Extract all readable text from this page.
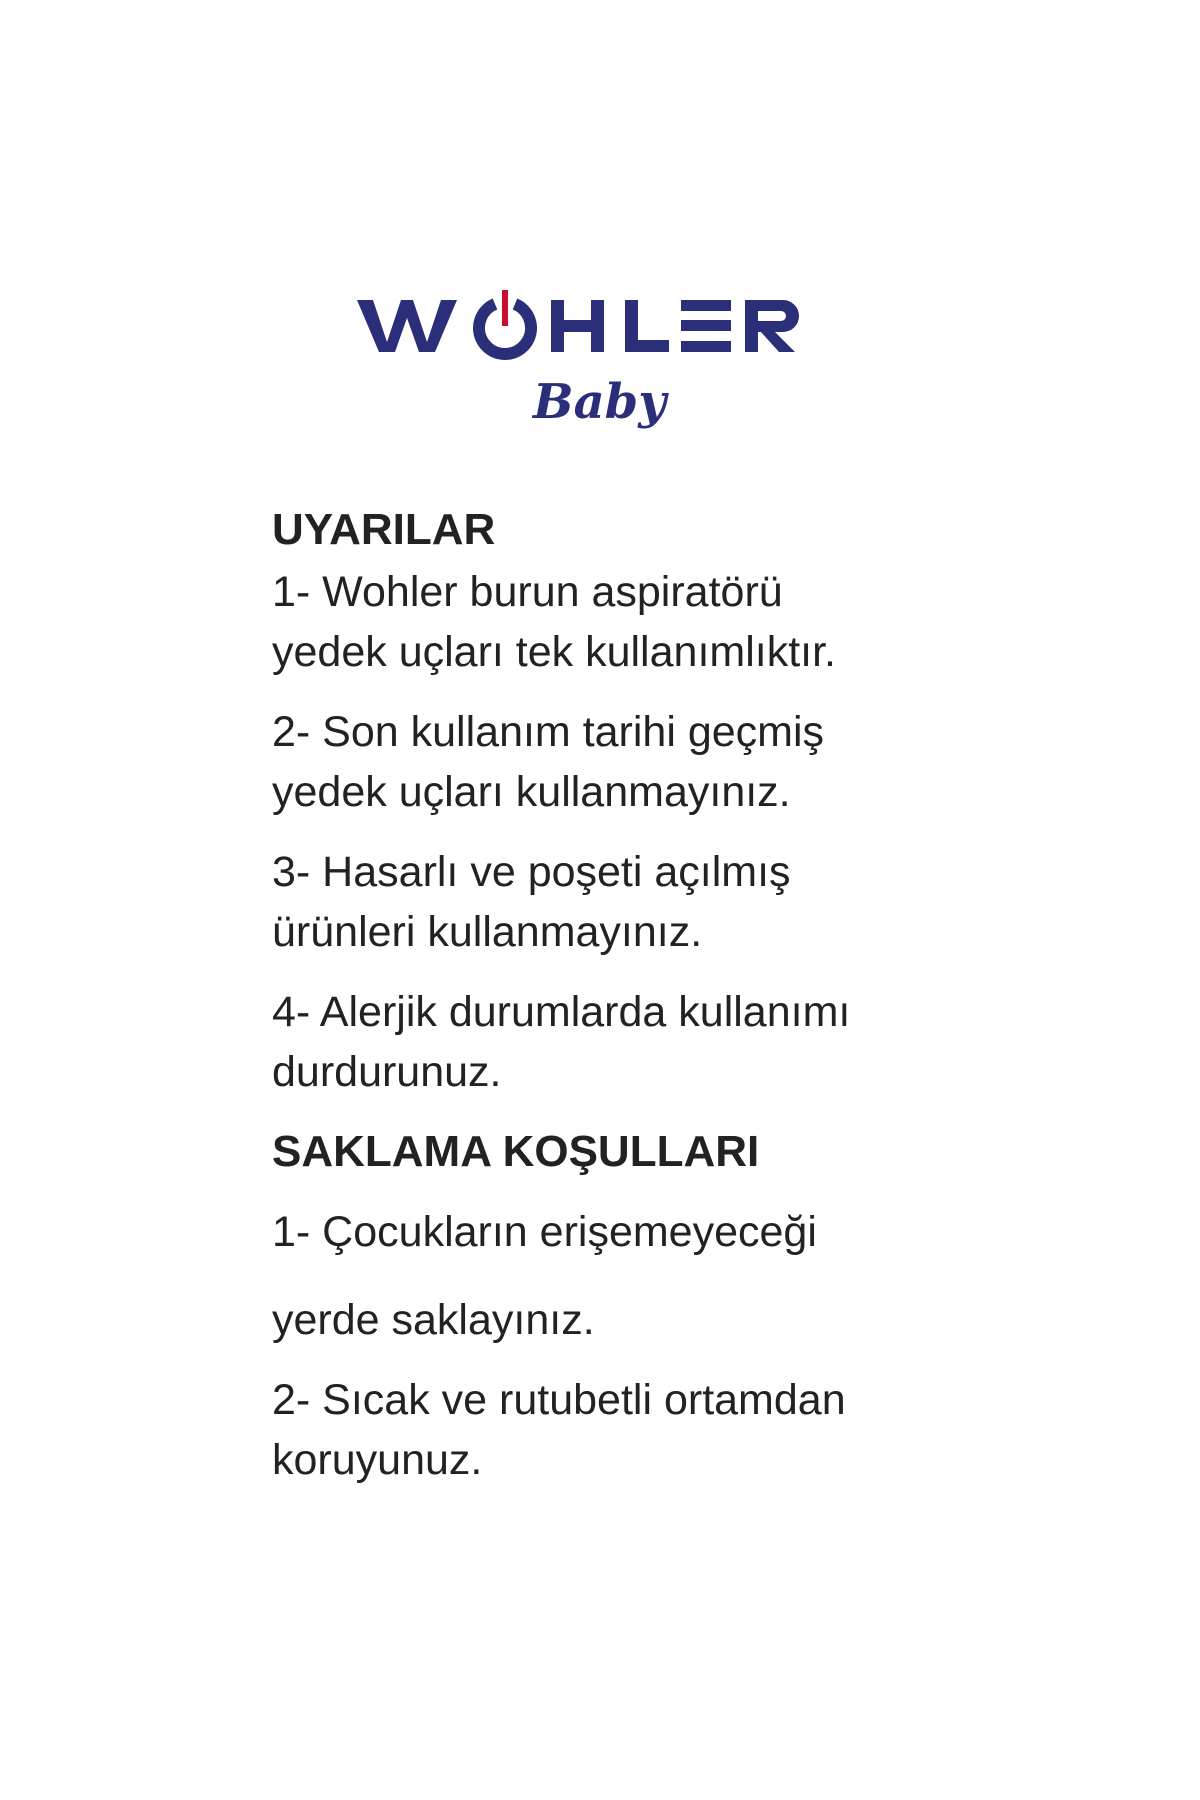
Baby

UYARILAR

1- Wohler burun aspiratörü
yedek uçları tek kullanımlıktır.

2- Son kullanım tarihi geçmiş
yedek uçları kullanmayınız.

3- Hasarlı ve poşeti açılmış
ürünleri kullanmayınız.

4- Alerjik durumlarda kullanımı
durdurunuz.

SAKLAMA KOŞULLARI

1- Çocukların erişemeyeceği
yerde saklayınız.

2- Sıcak ve rutubetli ortamdan
koruyunuz.
